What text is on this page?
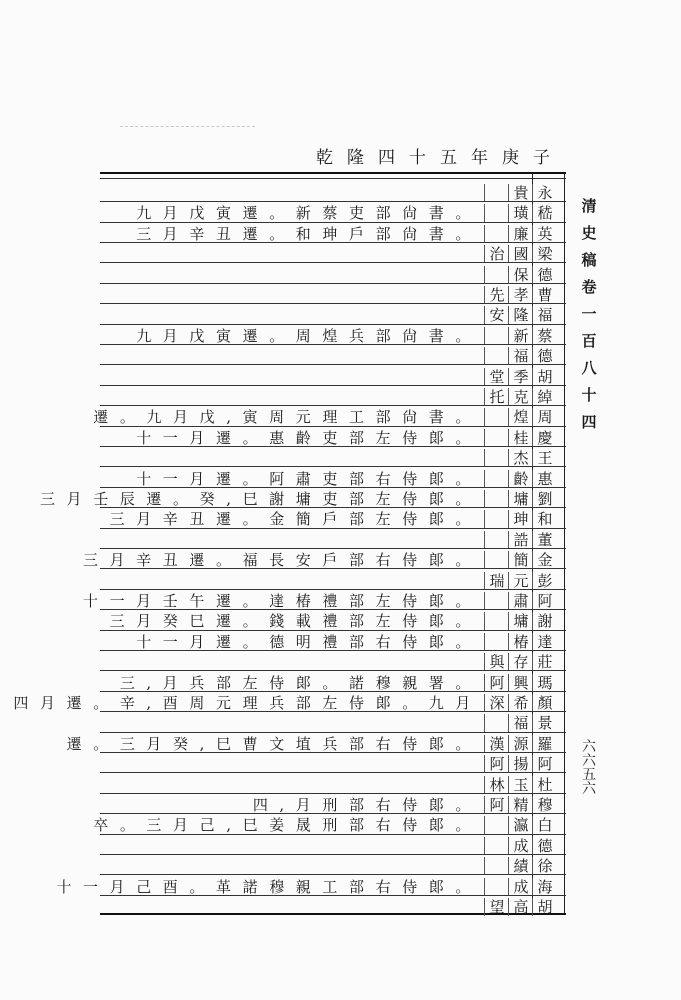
乾隆四十五年庚子
永
貴
嵇
璜
九月戊寅遷。新蔡吏部尙書。
英
廉
三月辛丑遷。和珅戶部尙書。
梁
國
治
德
保
曹
孝
先
福
隆
安
蔡
新
九月戊寅遷。周煌兵部尙書。
德
福
胡
季
堂
綽
克
托
周
煌
遷。九月戊,寅周元理工部尙書。
慶
桂
十一月遷。惠齡吏部左侍郞。
王
杰
惠
齡
十一月遷。阿肅吏部右侍郞。
劉
墉
三月壬辰遷。癸,巳謝墉吏部左侍郞。
和
珅
三月辛丑遷。金簡戶部左侍郞。
董
誥
金
簡
三月辛丑遷。福長安戶部右侍郞。
彭
元
瑞
阿
肅
十一月壬午遷。達椿禮部左侍郞。
謝
墉
三月癸巳遷。錢載禮部左侍郞。
達
椿
十一月遷。德明禮部右侍郞。
莊
存
與
瑪
興
阿
三,月兵部左侍郞。諾穆親署。
顏
希
深
四月遷。辛,酉周元理兵部左侍郞。九月
景
福
羅
源
漢
遷。三月癸,巳曹文埴兵部右侍郞。
阿
揚
阿
杜
玉
林
穆
精
阿
四,月刑部右侍郞。
白
瀛
卒。三月己,巳姜晟刑部右侍郞。
德
成
徐
績
海
成
十一月己酉。革諾穆親工部右侍郞。
胡
高
望
清史稿卷一百八十四
六六五六
